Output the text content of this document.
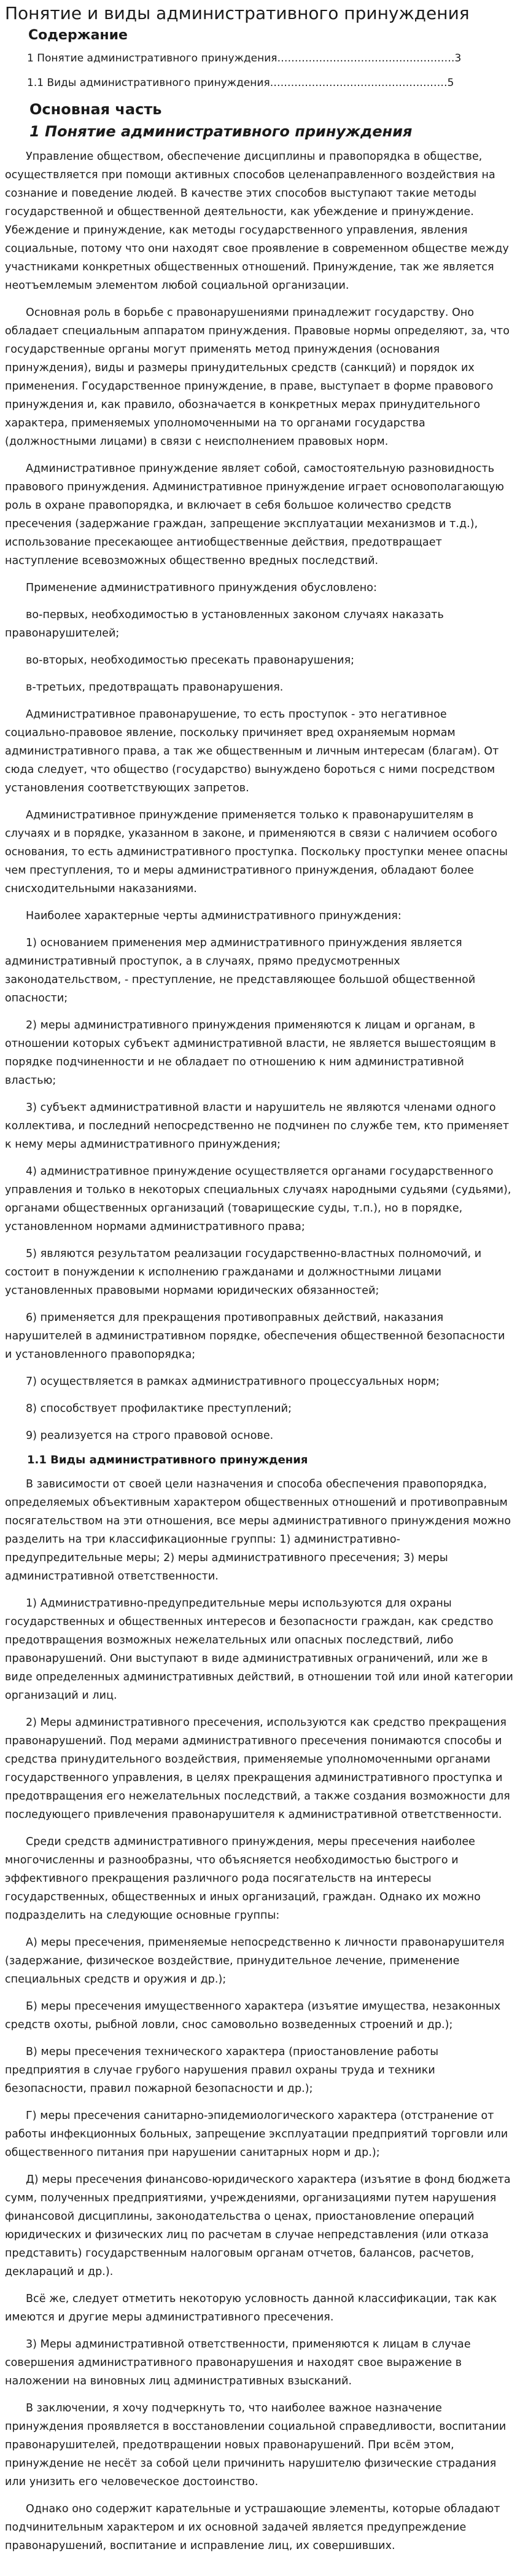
Понятие и виды административного принуждения
Содержание
1 Понятие административного принуждения……………………………………………3
1.1 Виды административного принуждения……………………………………………5
Основная часть
1 Понятие административного принуждения

Управление обществом, обеспечение дисциплины и правопорядка в обществе, осуществляется при помощи активных способов целенаправленного воздействия на сознание и поведение людей. В качестве этих способов выступают такие методы государственной и общественной деятельности, как убеждение и принуждение. Убеждение и принуждение, как методы государственного управления, явления социальные, потому что они находят свое проявление в современном обществе между участниками конкретных общественных отношений. Принуждение, так же является неотъемлемым элементом любой социальной организации.

Основная роль в борьбе с правонарушениями принадлежит государству. Оно обладает специальным аппаратом принуждения. Правовые нормы определяют, за, что государственные органы могут применять метод принуждения (основания принуждения), виды и размеры принудительных средств (санкций) и порядок их применения. Государственное принуждение, в праве, выступает в форме правового принуждения и, как правило, обозначается в конкретных мерах принудительного характера, применяемых уполномоченными на то органами государства (должностными лицами) в связи с неисполнением правовых норм.

Административное принуждение являет собой, самостоятельную разновидность правового принуждения. Административное принуждение играет основополагающую роль в охране правопорядка, и включает в себя большое количество средств пресечения (задержание граждан, запрещение эксплуатации механизмов и т.д.), использование пресекающее антиобщественные действия, предотвращает наступление всевозможных общественно вредных последствий.

Применение административного принуждения обусловлено:

во-первых, необходимостью в установленных законом случаях наказать правонарушителей;

во-вторых, необходимостью пресекать правонарушения;

в-третьих, предотвращать правонарушения.

Административное правонарушение, то есть проступок - это негативное социально-правовое явление, поскольку причиняет вред охраняемым нормам административного права, а так же общественным и личным интересам (благам). От сюда следует, что общество (государство) вынуждено бороться с ними посредством установления соответствующих запретов.

Административное принуждение применяется только к правонарушителям в случаях и в порядке, указанном в законе, и применяются в связи с наличием особого основания, то есть административного проступка. Поскольку проступки менее опасны чем преступления, то и меры административного принуждения, обладают более снисходительными наказаниями.

Наиболее характерные черты административного принуждения:

1) основанием применения мер административного принуждения является административный проступок, а в случаях, прямо предусмотренных законодательством, - преступление, не представляющее большой общественной опасности;

2) меры административного принуждения применяются к лицам и органам, в отношении которых субъект административной власти, не является вышестоящим в порядке подчиненности и не обладает по отношению к ним административной властью;

3) субъект административной власти и нарушитель не являются членами одного коллектива, и последний непосредственно не подчинен по службе тем, кто применяет к нему меры административного принуждения;

4) административное принуждение осуществляется органами государственного управления и только в некоторых специальных случаях народными судьями (судьями), органами общественных организаций (товарищеские суды, т.п.), но в порядке, установленном нормами административного права;

5) являются результатом реализации государственно-властных полномочий, и состоит в понуждении к исполнению гражданами и должностными лицами установленных правовыми нормами юридических обязанностей;

6) применяется для прекращения противоправных действий, наказания нарушителей в административном порядке, обеспечения общественной безопасности и установленного правопорядка;

7) осуществляется в рамках административного процессуальных норм;

8) способствует профилактике преступлений;

9) реализуется на строго правовой основе.

1.1 Виды административного принуждения

В зависимости от своей цели назначения и способа обеспечения правопорядка, определяемых объективным характером общественных отношений и противоправным посягательством на эти отношения, все меры административного принуждения можно разделить на три классификационные группы: 1) административно-предупредительные меры; 2) меры административного пресечения; 3) меры административной ответственности.

1) Административно-предупредительные меры используются для охраны государственных и общественных интересов и безопасности граждан, как средство предотвращения возможных нежелательных или опасных последствий, либо правонарушений. Они выступают в виде административных ограничений, или же в виде определенных административных действий, в отношении той или иной категории организаций и лиц.

2) Меры административного пресечения, используются как средство прекращения правонарушений. Под мерами административного пресечения понимаются способы и средства принудительного воздействия, применяемые уполномоченными органами государственного управления, в целях прекращения административного проступка и предотвращения его нежелательных последствий, а также создания возможности для последующего привлечения правонарушителя к административной ответственности.

Среди средств административного принуждения, меры пресечения наиболее многочисленны и разнообразны, что объясняется необходимостью быстрого и эффективного прекращения различного рода посягательств на интересы государственных, общественных и иных организаций, граждан. Однако их можно подразделить на следующие основные группы:

А) меры пресечения, применяемые непосредственно к личности правонарушителя (задержание, физическое воздействие, принудительное лечение, применение специальных средств и оружия и др.);

Б) меры пресечения имущественного характера (изъятие имущества, незаконных средств охоты, рыбной ловли, снос самовольно возведенных строений и др.);

В) меры пресечения технического характера (приостановление работы предприятия в случае грубого нарушения правил охраны труда и техники безопасности, правил пожарной безопасности и др.);

Г) меры пресечения санитарно-эпидемиологического характера (отстранение от работы инфекционных больных, запрещение эксплуатации предприятий торговли или общественного питания при нарушении санитарных норм и др.);

Д) меры пресечения финансово-юридического характера (изъятие в фонд бюджета сумм, полученных предприятиями, учреждениями, организациями путем нарушения финансовой дисциплины, законодательства о ценах, приостановление операций юридических и физических лиц по расчетам в случае непредставления (или отказа представить) государственным налоговым органам отчетов, балансов, расчетов, деклараций и др.).

Всё же, следует отметить некоторую условность данной классификации, так как имеются и другие меры административного пресечения.

3) Меры административной ответственности, применяются к лицам в случае совершения административного правонарушения и находят свое выражение в наложении на виновных лиц административных взысканий.

В заключении, я хочу подчеркнуть то, что наиболее важное назначение принуждения проявляется в восстановлении социальной справедливости, воспитании правонарушителей, предотвращении новых правонарушений. При всём этом, принуждение не несёт за собой цели причинить нарушителю физические страдания или унизить его человеческое достоинство.

Однако оно содержит карательные и устрашающие элементы, которые обладают подчинительным характером и их основной задачей является предупреждение правонарушений, воспитание и исправление лиц, их совершивших.
